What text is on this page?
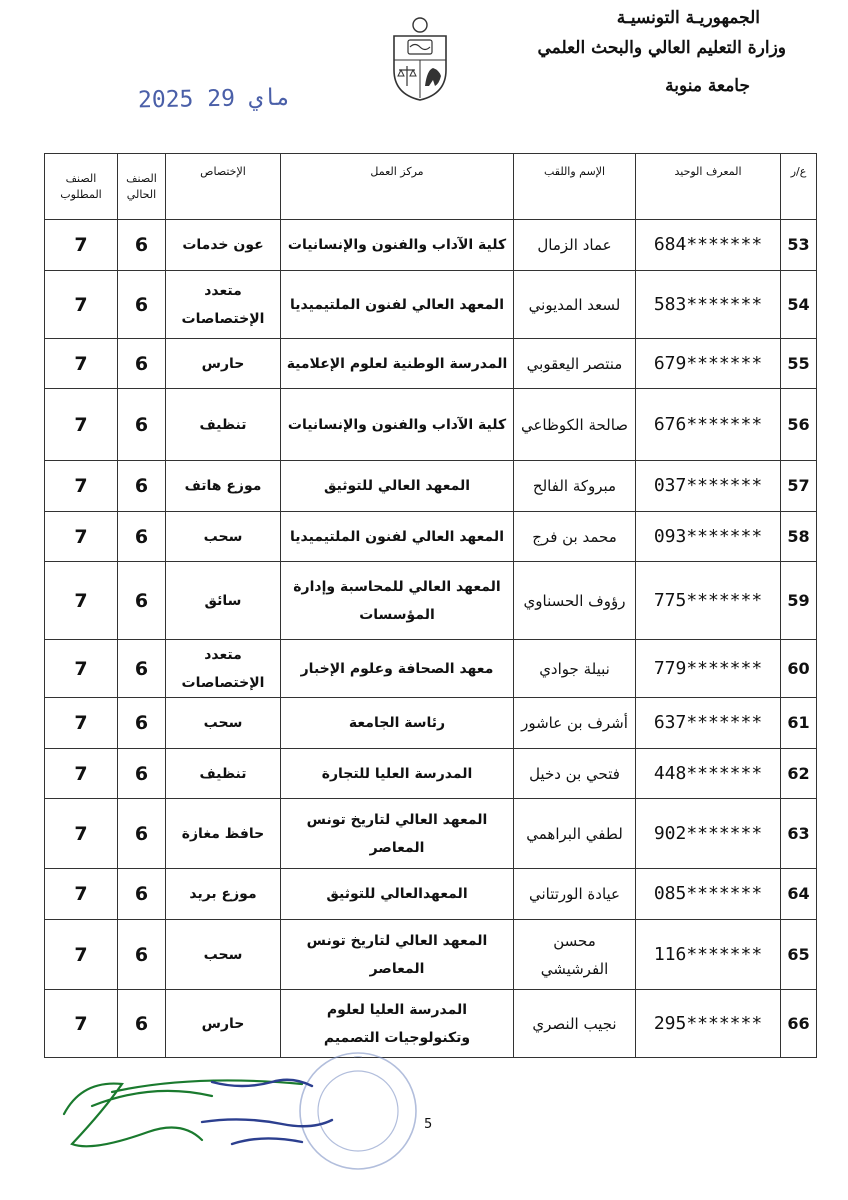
الجمهوريـة التونسيـة
وزارة التعليم العالي والبحث العلمي
جامعة منوبة
2025 ماي 29
ع/ر	المعرف الوحيد	الإسم واللقب	مركز العمل	الإختصاص	الصنف الحالي	الصنف المطلوب
53	684*******	عماد الزمال	كلية الآداب والفنون والإنسانيات	عون خدمات	6	7
54	583*******	لسعد المديوني	المعهد العالي لفنون الملتيميديا	متعدد الإختصاصات	6	7
55	679*******	منتصر اليعقوبي	المدرسة الوطنية لعلوم الإعلامية	حارس	6	7
56	676*******	صالحة الكوظاعي	كلية الآداب والفنون والإنسانيات	تنظيف	6	7
57	037*******	مبروكة الفالح	المعهد العالي للتوثيق	موزع هاتف	6	7
58	093*******	محمد بن فرج	المعهد العالي لفنون الملتيميديا	سحب	6	7
59	775*******	رؤوف الحسناوي	المعهد العالي للمحاسبة وإدارة المؤسسات	سائق	6	7
60	779*******	نبيلة جوادي	معهد الصحافة وعلوم الإخبار	متعدد الإختصاصات	6	7
61	637*******	أشرف بن عاشور	رئاسة الجامعة	سحب	6	7
62	448*******	فتحي بن دخيل	المدرسة العليا للتجارة	تنظيف	6	7
63	902*******	لطفي البراهمي	المعهد العالي لتاريخ تونس المعاصر	حافظ مغازة	6	7
64	085*******	عيادة الورتتاني	المعهدالعالي للتوثيق	موزع بريد	6	7
65	116*******	محسن الفرشيشي	المعهد العالي لتاريخ تونس المعاصر	سحب	6	7
66	295*******	نجيب النصري	المدرسة العليا لعلوم وتكنولوجيات التصميم	حارس	6	7
5
